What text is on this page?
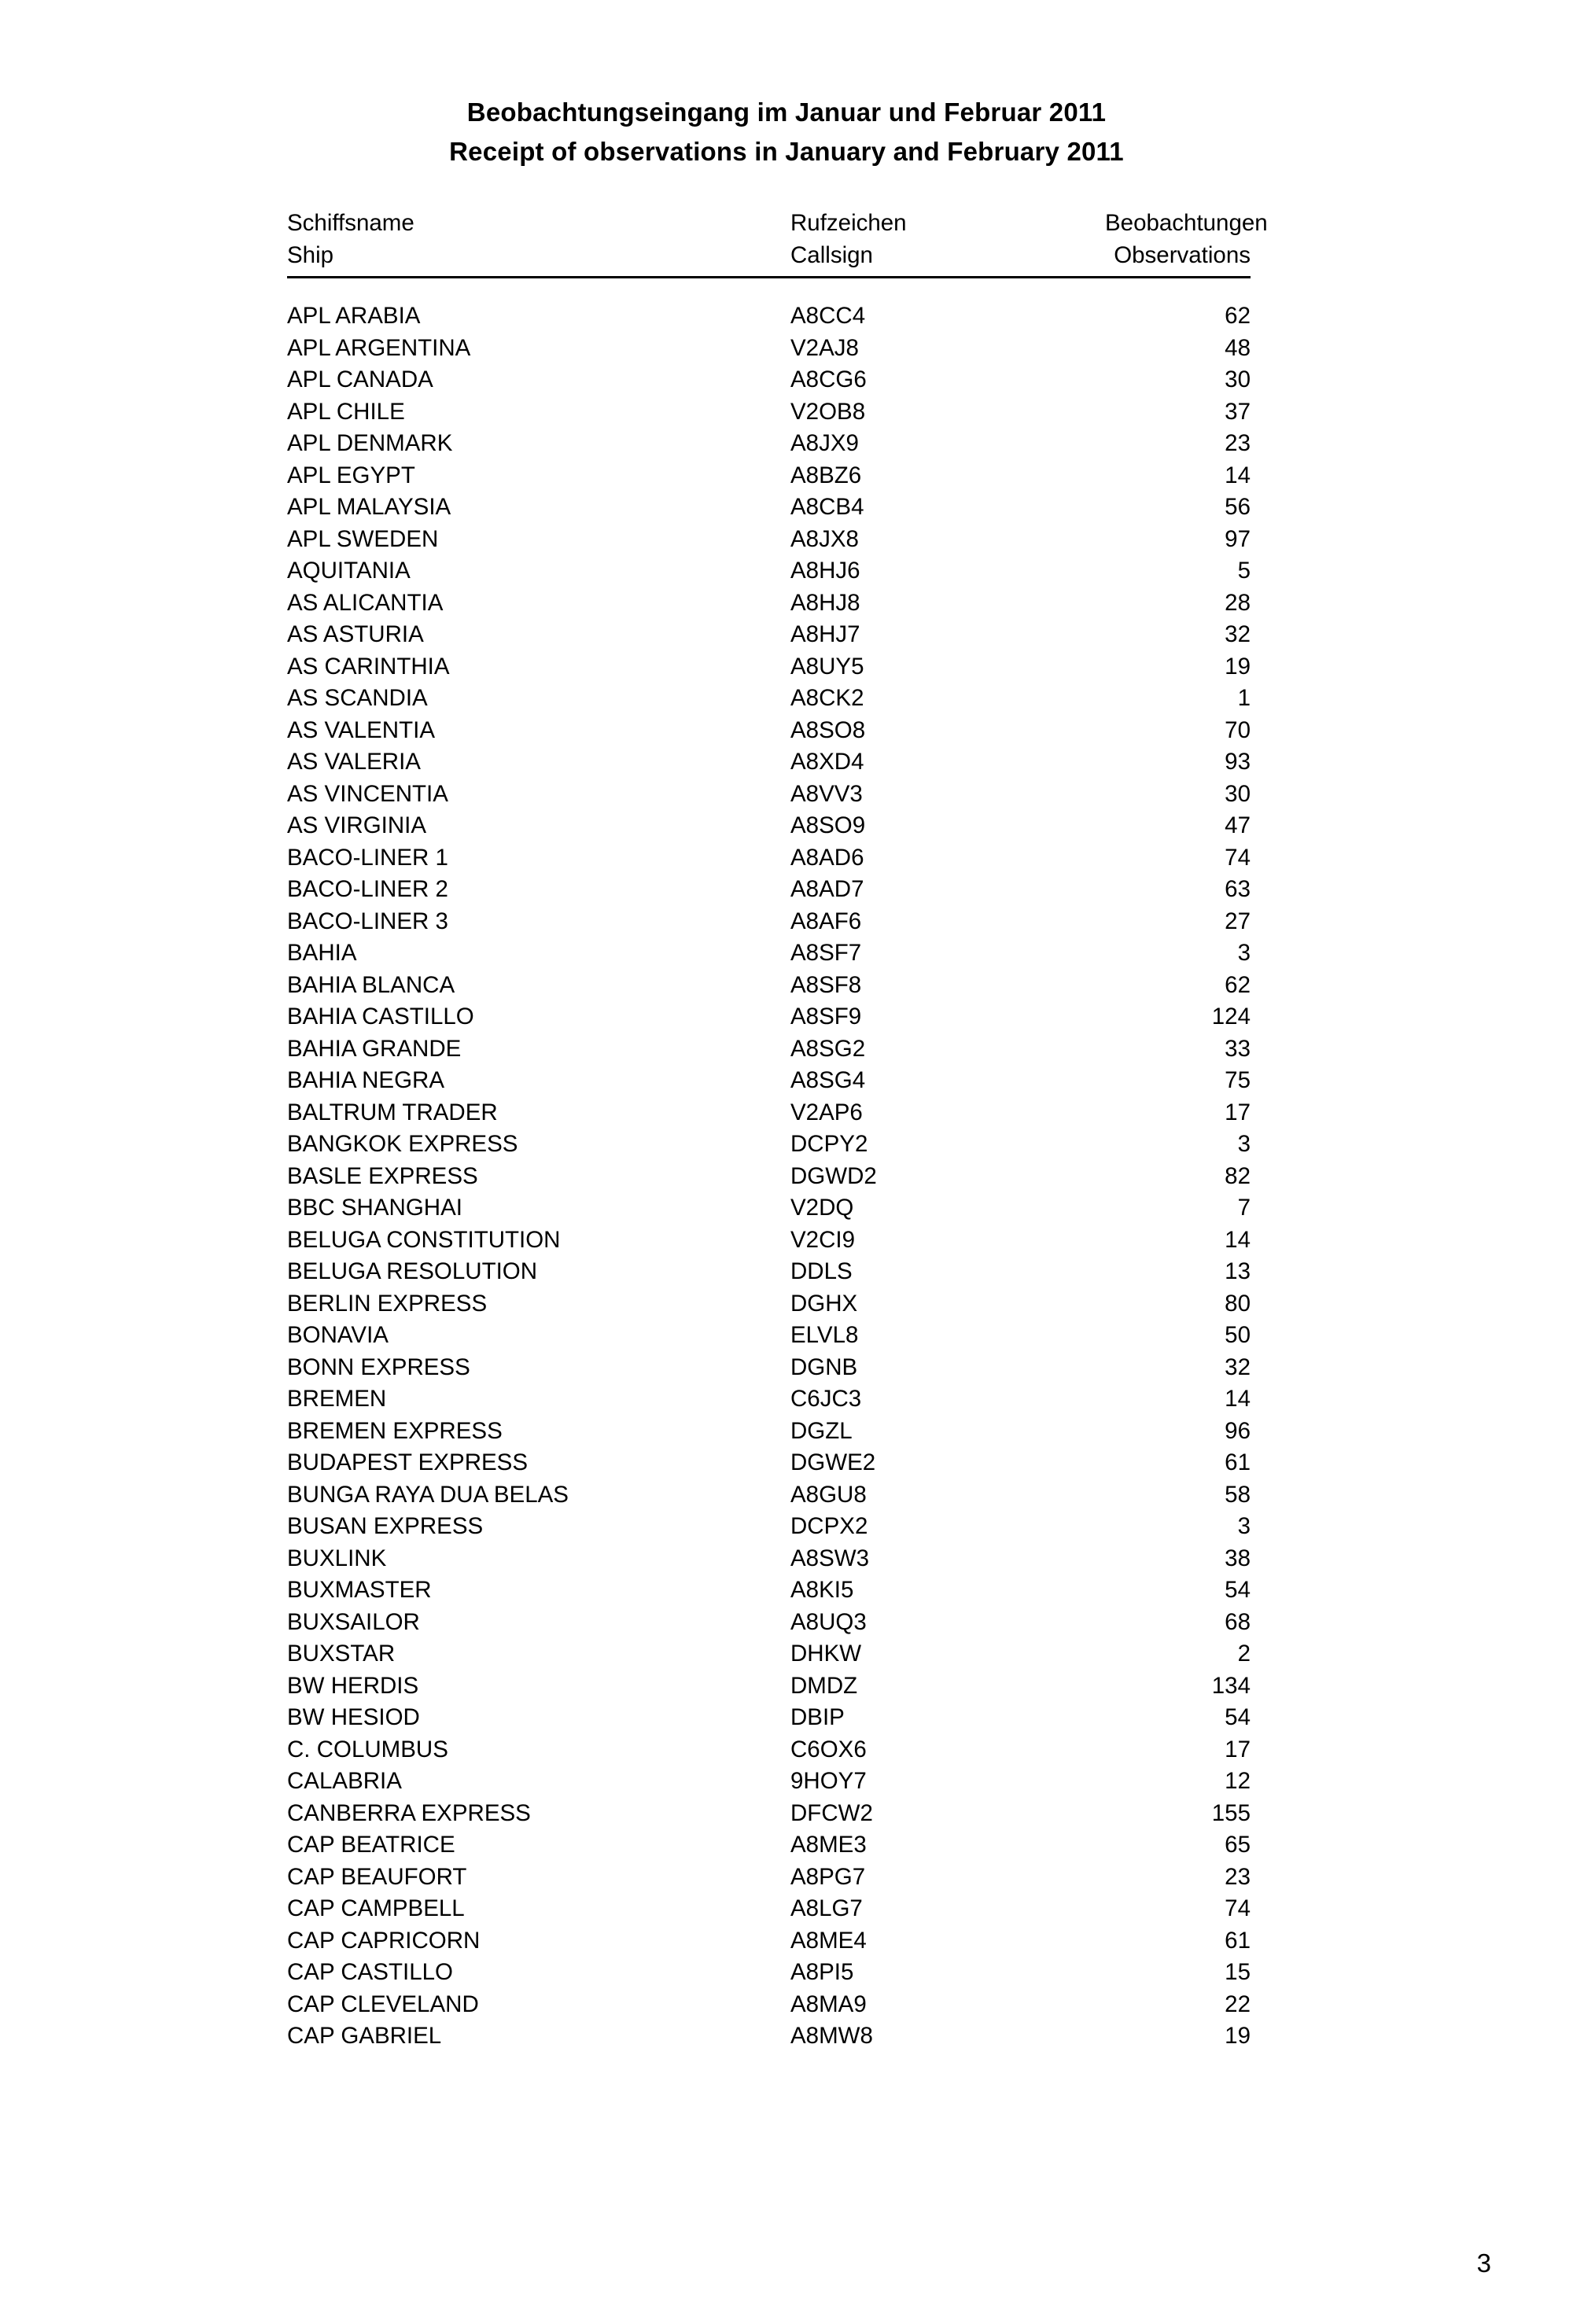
Beobachtungseingang im Januar und Februar 2011
Receipt of observations in January and February 2011
Schiffsname	Rufzeichen	Beobachtungen
Ship	Callsign	Observations

APL ARABIA	A8CC4	62
APL ARGENTINA	V2AJ8	48
APL CANADA	A8CG6	30
APL CHILE	V2OB8	37
APL DENMARK	A8JX9	23
APL EGYPT	A8BZ6	14
APL MALAYSIA	A8CB4	56
APL SWEDEN	A8JX8	97
AQUITANIA	A8HJ6	5
AS ALICANTIA	A8HJ8	28
AS ASTURIA	A8HJ7	32
AS CARINTHIA	A8UY5	19
AS SCANDIA	A8CK2	1
AS VALENTIA	A8SO8	70
AS VALERIA	A8XD4	93
AS VINCENTIA	A8VV3	30
AS VIRGINIA	A8SO9	47
BACO-LINER 1	A8AD6	74
BACO-LINER 2	A8AD7	63
BACO-LINER 3	A8AF6	27
BAHIA	A8SF7	3
BAHIA BLANCA	A8SF8	62
BAHIA CASTILLO	A8SF9	124
BAHIA GRANDE	A8SG2	33
BAHIA NEGRA	A8SG4	75
BALTRUM TRADER	V2AP6	17
BANGKOK EXPRESS	DCPY2	3
BASLE EXPRESS	DGWD2	82
BBC SHANGHAI	V2DQ	7
BELUGA CONSTITUTION	V2CI9	14
BELUGA RESOLUTION	DDLS	13
BERLIN EXPRESS	DGHX	80
BONAVIA	ELVL8	50
BONN EXPRESS	DGNB	32
BREMEN	C6JC3	14
BREMEN EXPRESS	DGZL	96
BUDAPEST EXPRESS	DGWE2	61
BUNGA RAYA DUA BELAS	A8GU8	58
BUSAN EXPRESS	DCPX2	3
BUXLINK	A8SW3	38
BUXMASTER	A8KI5	54
BUXSAILOR	A8UQ3	68
BUXSTAR	DHKW	2
BW HERDIS	DMDZ	134
BW HESIOD	DBIP	54
C. COLUMBUS	C6OX6	17
CALABRIA	9HOY7	12
CANBERRA EXPRESS	DFCW2	155
CAP BEATRICE	A8ME3	65
CAP BEAUFORT	A8PG7	23
CAP CAMPBELL	A8LG7	74
CAP CAPRICORN	A8ME4	61
CAP CASTILLO	A8PI5	15
CAP CLEVELAND	A8MA9	22
CAP GABRIEL	A8MW8	19
3
